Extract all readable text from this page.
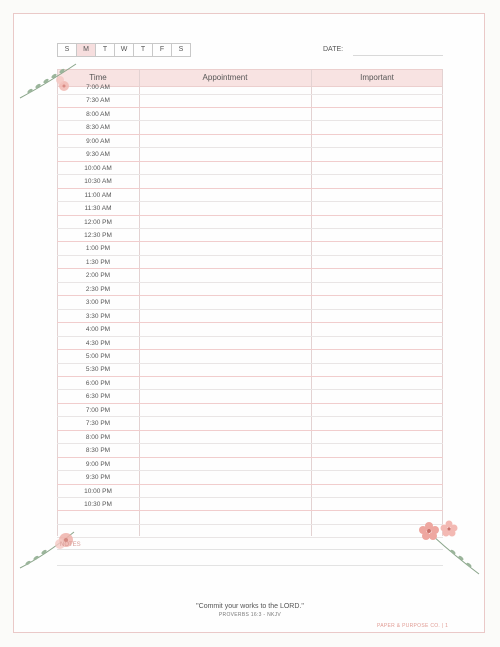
S	M	T	W	T	F	S	DATE:
Time	Appointment	Important
7:00 AM
7:30 AM
8:00 AM
8:30 AM
9:00 AM
9:30 AM
10:00 AM
10:30 AM
11:00 AM
11:30 AM
12:00 PM
12:30 PM
1:00 PM
1:30 PM
2:00 PM
2:30 PM
3:00 PM
3:30 PM
4:00 PM
4:30 PM
5:00 PM
5:30 PM
6:00 PM
6:30 PM
7:00 PM
7:30 PM
8:00 PM
8:30 PM
9:00 PM
9:30 PM
10:00 PM
10:30 PM
NOTES
"Commit your works to the LORD."
PROVERBS 16:3 - NKJV
PAPER & PURPOSE CO. | 1
